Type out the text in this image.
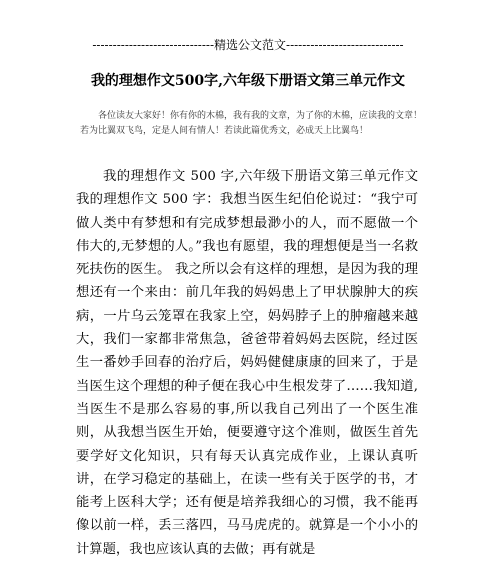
------------------------------精选公文范文-----------------------------
我的理想作文500字,六年级下册语文第三单元作文
各位读友大家好！你有你的木棉，我有我的文章，为了你的木棉，应读我的文章！若为比翼双飞鸟，定是人间有情人！若读此篇优秀文，必成天上比翼鸟！
我的理想作文 500 字,六年级下册语文第三单元作文我的理想作文 500 字：我想当医生纪伯伦说过：“我宁可做人类中有梦想和有完成梦想最渺小的人，而不愿做一个伟大的,无梦想的人。”我也有愿望，我的理想便是当一名救死扶伤的医生。 我之所以会有这样的理想，是因为我的理想还有一个来由：前几年我的妈妈患上了甲状腺肿大的疾病，一片乌云笼罩在我家上空，妈妈脖子上的肿瘤越来越大，我们一家都非常焦急，爸爸带着妈妈去医院，经过医生一番妙手回春的治疗后，妈妈健健康康的回来了，于是当医生这个理想的种子便在我心中生根发芽了……我知道,当医生不是那么容易的事,所以我自己列出了一个医生准则，从我想当医生开始，便要遵守这个准则，做医生首先要学好文化知识，只有每天认真完成作业，上课认真听讲，在学习稳定的基础上，在读一些有关于医学的书，才能考上医科大学；还有便是培养我细心的习惯，我不能再像以前一样，丢三落四，马马虎虎的。就算是一个小小的计算题，我也应该认真的去做；再有就是
